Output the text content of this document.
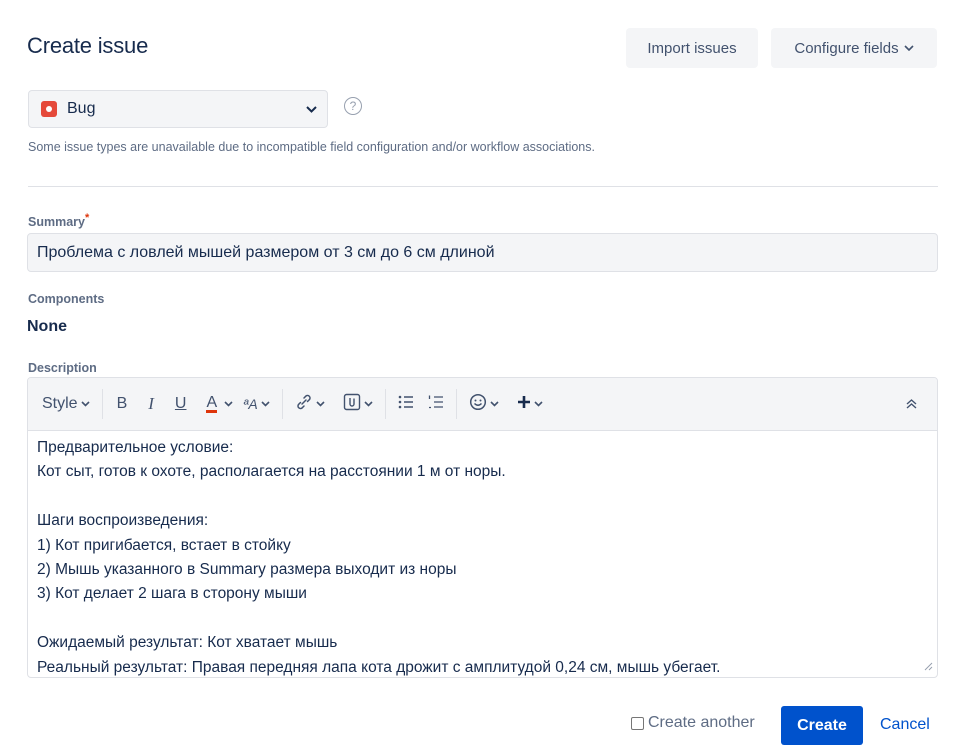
Create issue	Import issues	Configure fields
Bug	?
Some issue types are unavailable due to incompatible field configuration and/or workflow associations.
Summary*
Проблема с ловлей мышей размером от 3 см до 6 см длиной
Components
None
Description
Style B I U A ªA
Предварительное условие:
Кот сыт, готов к охоте, располагается на расстоянии 1 м от норы.
Шаги воспроизведения:
1) Кот пригибается, встает в стойку
2) Мышь указанного в Summary размера выходит из норы
3) Кот делает 2 шага в сторону мыши
Ожидаемый результат: Кот хватает мышь
Реальный результат: Правая передняя лапа кота дрожит с амплитудой 0,24 см, мышь убегает.
Create another	Create Cancel
